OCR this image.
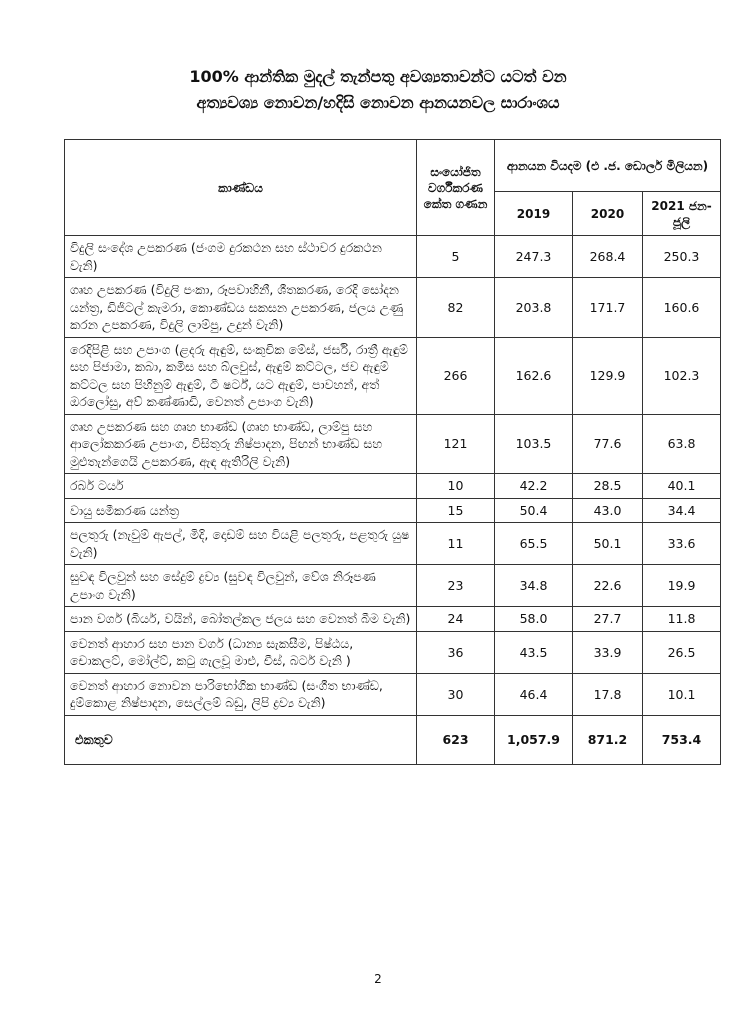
100% ආන්තික මුදල් තැන්පතු අවශ්‍යතාවන්ට යටත් වන
අත්‍යවශ්‍ය නොවන/හදිසි නොවන ආනයනවල සාරාංශය
කාණ්ඩය	සංයෝජිත වර්ගීකරණ කේත ගණන	ආනයන වියදම (එ .ජ. ඩොලර් මිලියන)		
		2019	2020	2021 ජන-ජූලි
විදුලි සංදේශ උපකරණ (ජංගම දුරකථන සහ ස්ථාවර දුරකථන වැනි)	5	247.3	268.4	250.3
ගෘහ උපකරණ (විදුලි පංකා, රූපවාහිනී, ශීතකරණ, රෙදි සෝදන යන්ත්‍ර, ඩිජිටල් කැමරා, කොණ්ඩය සකසන උපකරණ, ජලය උණු කරන උපකරණ, විදුලි ලාම්පු, උදුන් වැනි)	82	203.8	171.7	160.6
රෙදිපිළි සහ උපාංග (ළදරු ඇඳුම්, සංකුචික මේස්, ජර්සි, රාත්‍රී ඇඳුම් සහ පිජාමා, කබා, කමිස සහ බ්ලවුස්, ඇඳුම් කට්ටල, ජව ඇඳුම් කට්ටල සහ පිහිනුම් ඇඳුම්, ටී ෂර්ට්, යට ඇඳුම්, පාවහන්, අත් ඔරලෝසු, අව් කණ්ණාඩි, වෙනත් උපාංග වැනි)	266	162.6	129.9	102.3
ගෘහ උපකරණ සහ ගෘහ භාණ්ඩ (ගෘහ භාණ්ඩ, ලාම්පු සහ ආලෝකකරණ උපාංග, විසිතුරු නිෂ්පාදන, පිඟන් භාණ්ඩ සහ මුළුතැන්ගෙයි උපකරණ, ඇඳ ඇතිරිලි වැනි)	121	103.5	77.6	63.8
රබර් ටයර්	10	42.2	28.5	40.1
වායු සමීකරණ යන්ත්‍ර	15	50.4	43.0	34.4
පලතුරු (නැවුම් ඇපල්, මිදි, දොඩම් සහ වියළි පලතුරු, පළතුරු යුෂ වැනි)	11	65.5	50.1	33.6
සුවඳ විලවුන් සහ සේදුම් ද්‍රව්‍ය (සුවඳ විලවුන්, වේශ නිරූපණ උපාංග වැනි)	23	34.8	22.6	19.9
පාන වර්ග (බියර්, වයින්, බෝතල්කල ජලය සහ වෙනත් බීම වැනි)	24	58.0	27.7	11.8
වෙනත් ආහාර සහ පාන වර්ග (ධාන්‍ය සැකසීම, පිෂ්ඨය, චොකලට්, මෝල්ට්, කටු ගැලවූ මාළු, චීස්, බටර් වැනි )	36	43.5	33.9	26.5
වෙනත් ආහාර නොවන පාරිභෝගික භාණ්ඩ (සංගීත භාණ්ඩ, දුම්කොළ නිෂ්පාදන, සෙල්ලම් බඩු, ලිපි ද්‍රව්‍ය වැනි)	30	46.4	17.8	10.1
එකතුව	623	1,057.9	871.2	753.4
2
